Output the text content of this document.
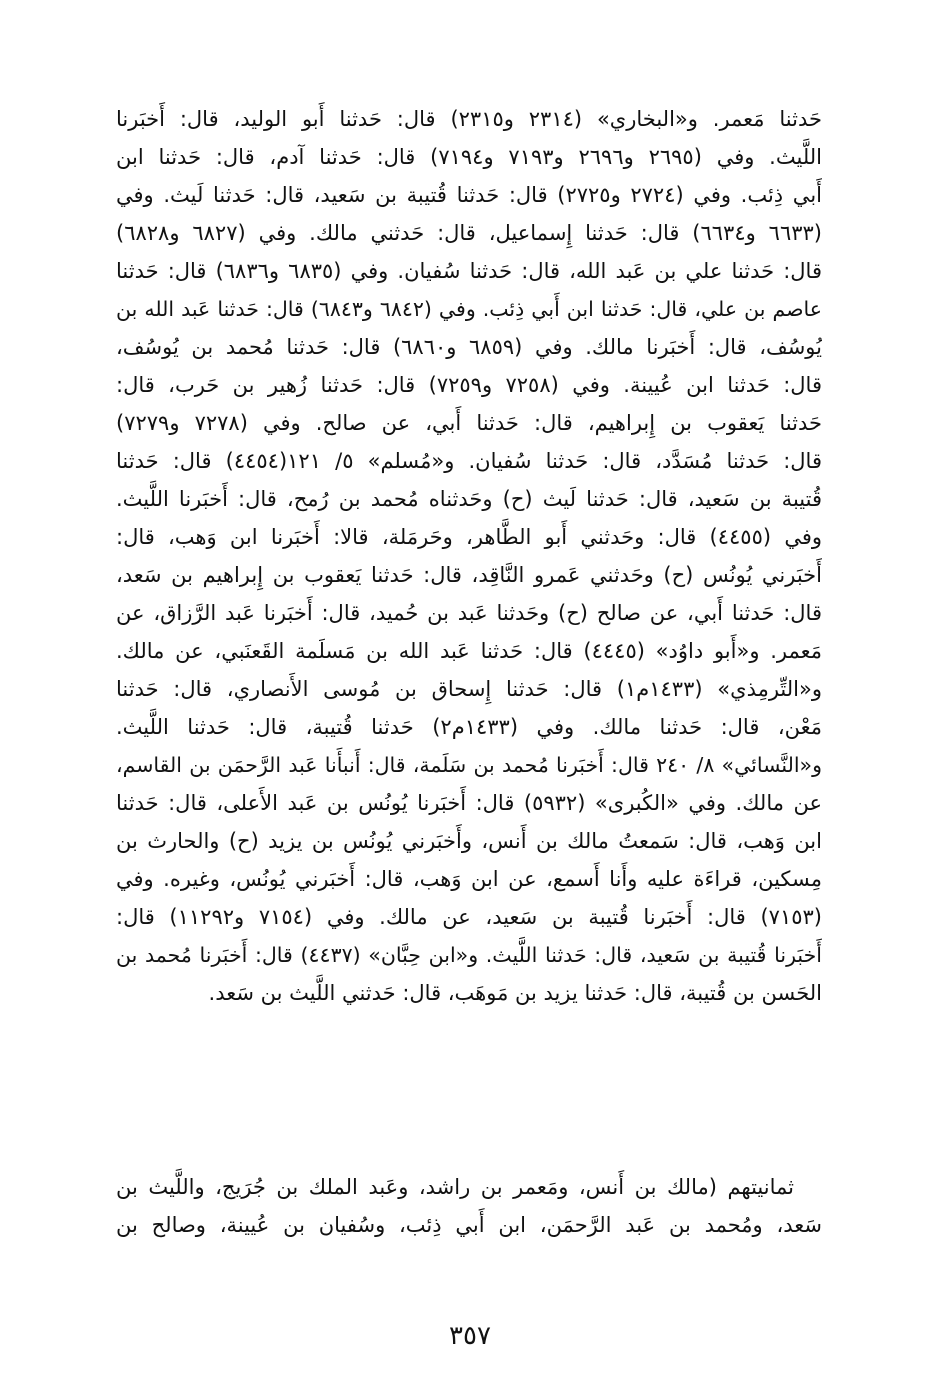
حَدثنا مَعمر. و«البخاري» (٢٣١٤ و٢٣١٥) قال: حَدثنا أَبو الوليد، قال: أَخبَرنا
اللَّيث. وفي (٢٦٩٥ و٢٦٩٦ و٧١٩٣ و٧١٩٤) قال: حَدثنا آدم، قال: حَدثنا ابن
أَبي ذِئب. وفي (٢٧٢٤ و٢٧٢٥) قال: حَدثنا قُتيبة بن سَعيد، قال: حَدثنا لَيث. وفي
(٦٦٣٣ و٦٦٣٤) قال: حَدثنا إِسماعيل، قال: حَدثني مالك. وفي (٦٨٢٧ و٦٨٢٨)
قال: حَدثنا علي بن عَبد الله، قال: حَدثنا سُفيان. وفي (٦٨٣٥ و٦٨٣٦) قال: حَدثنا
عاصم بن علي، قال: حَدثنا ابن أَبي ذِئب. وفي (٦٨٤٢ و٦٨٤٣) قال: حَدثنا عَبد الله بن
يُوسُف، قال: أَخبَرنا مالك. وفي (٦٨٥٩ و٦٨٦٠) قال: حَدثنا مُحمد بن يُوسُف،
قال: حَدثنا ابن عُيينة. وفي (٧٢٥٨ و٧٢٥٩) قال: حَدثنا زُهير بن حَرب، قال:
حَدثنا يَعقوب بن إِبراهيم، قال: حَدثنا أَبي، عن صالح. وفي (٧٢٧٨ و٧٢٧٩)
قال: حَدثنا مُسَدَّد، قال: حَدثنا سُفيان. و«مُسلم» ٥/ ١٢١(٤٤٥٤) قال: حَدثنا
قُتيبة بن سَعيد، قال: حَدثنا لَيث (ح) وحَدثناه مُحمد بن رُمح، قال: أَخبَرنا اللَّيث.
وفي (٤٤٥٥) قال: وحَدثني أَبو الطَّاهر، وحَرمَلة، قالا: أَخبَرنا ابن وَهب، قال:
أَخبَرني يُونُس (ح) وحَدثني عَمرو النَّاقِد، قال: حَدثنا يَعقوب بن إِبراهيم بن سَعد،
قال: حَدثنا أَبي، عن صالح (ح) وحَدثنا عَبد بن حُميد، قال: أَخبَرنا عَبد الرَّزاق، عن
مَعمر. و«أَبو داوُد» (٤٤٤٥) قال: حَدثنا عَبد الله بن مَسلَمة القَعنَبي، عن مالك.
و«التِّرمِذي» (١٤٣٣م١) قال: حَدثنا إِسحاق بن مُوسى الأَنصاري، قال: حَدثنا
مَعْن، قال: حَدثنا مالك. وفي (١٤٣٣م٢) حَدثنا قُتيبة، قال: حَدثنا اللَّيث.
و«النَّسائي» ٨/ ٢٤٠ قال: أَخبَرنا مُحمد بن سَلَمة، قال: أَنبأَنا عَبد الرَّحمَن بن القاسم،
عن مالك. وفي «الكُبرى» (٥٩٣٢) قال: أَخبَرنا يُونُس بن عَبد الأَعلى، قال: حَدثنا
ابن وَهب، قال: سَمعتُ مالك بن أَنس، وأَخبَرني يُونُس بن يزيد (ح) والحارث بن
مِسكين، قراءَة عليه وأَنا أَسمع، عن ابن وَهب، قال: أَخبَرني يُونُس، وغيره. وفي
(٧١٥٣) قال: أَخبَرنا قُتيبة بن سَعيد، عن مالك. وفي (٧١٥٤ و١١٢٩٢) قال:
أَخبَرنا قُتيبة بن سَعيد، قال: حَدثنا اللَّيث. و«ابن حِبَّان» (٤٤٣٧) قال: أَخبَرنا مُحمد بن
الحَسن بن قُتيبة، قال: حَدثنا يزيد بن مَوهَب، قال: حَدثني اللَّيث بن سَعد.
ثمانيتهم (مالك بن أَنس، ومَعمر بن راشد، وعَبد الملك بن جُرَيج، واللَّيث بن
سَعد، ومُحمد بن عَبد الرَّحمَن، ابن أَبي ذِئب، وسُفيان بن عُيينة، وصالح بن
٣٥٧
